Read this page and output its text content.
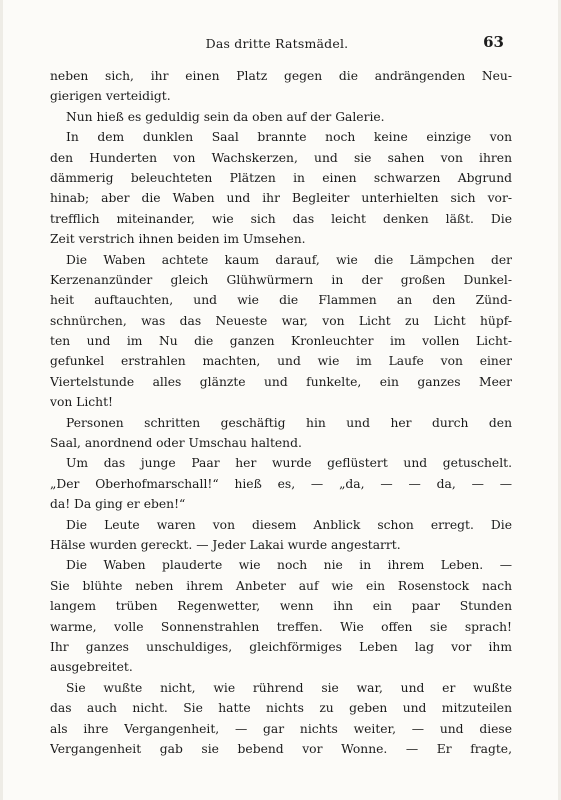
Das dritte Ratsmädel.	63
neben sich, ihr einen Platz gegen die andrängenden Neu-
gierigen verteidigt.
Nun hieß es geduldig sein da oben auf der Galerie.
In dem dunklen Saal brannte noch keine einzige von
den Hunderten von Wachskerzen, und sie sahen von ihren
dämmerig beleuchteten Plätzen in einen schwarzen Abgrund
hinab; aber die Waben und ihr Begleiter unterhielten sich vor-
trefflich miteinander, wie sich das leicht denken läßt. Die
Zeit verstrich ihnen beiden im Umsehen.
Die Waben achtete kaum darauf, wie die Lämpchen der
Kerzenanzünder gleich Glühwürmern in der großen Dunkel-
heit auftauchten, und wie die Flammen an den Zünd-
schnürchen, was das Neueste war, von Licht zu Licht hüpf-
ten und im Nu die ganzen Kronleuchter im vollen Licht-
gefunkel erstrahlen machten, und wie im Laufe von einer
Viertelstunde alles glänzte und funkelte, ein ganzes Meer
von Licht!
Personen schritten geschäftig hin und her durch den
Saal, anordnend oder Umschau haltend.
Um das junge Paar her wurde geflüstert und getuschelt.
„Der Oberhofmarschall!“ hieß es, — „da, — — da, — —
da! Da ging er eben!“
Die Leute waren von diesem Anblick schon erregt. Die
Hälse wurden gereckt. — Jeder Lakai wurde angestarrt.
Die Waben plauderte wie noch nie in ihrem Leben. —
Sie blühte neben ihrem Anbeter auf wie ein Rosenstock nach
langem trüben Regenwetter, wenn ihn ein paar Stunden
warme, volle Sonnenstrahlen treffen. Wie offen sie sprach!
Ihr ganzes unschuldiges, gleichförmiges Leben lag vor ihm
ausgebreitet.
Sie wußte nicht, wie rührend sie war, und er wußte
das auch nicht. Sie hatte nichts zu geben und mitzuteilen
als ihre Vergangenheit, — gar nichts weiter, — und diese
Vergangenheit gab sie bebend vor Wonne. — Er fragte,
